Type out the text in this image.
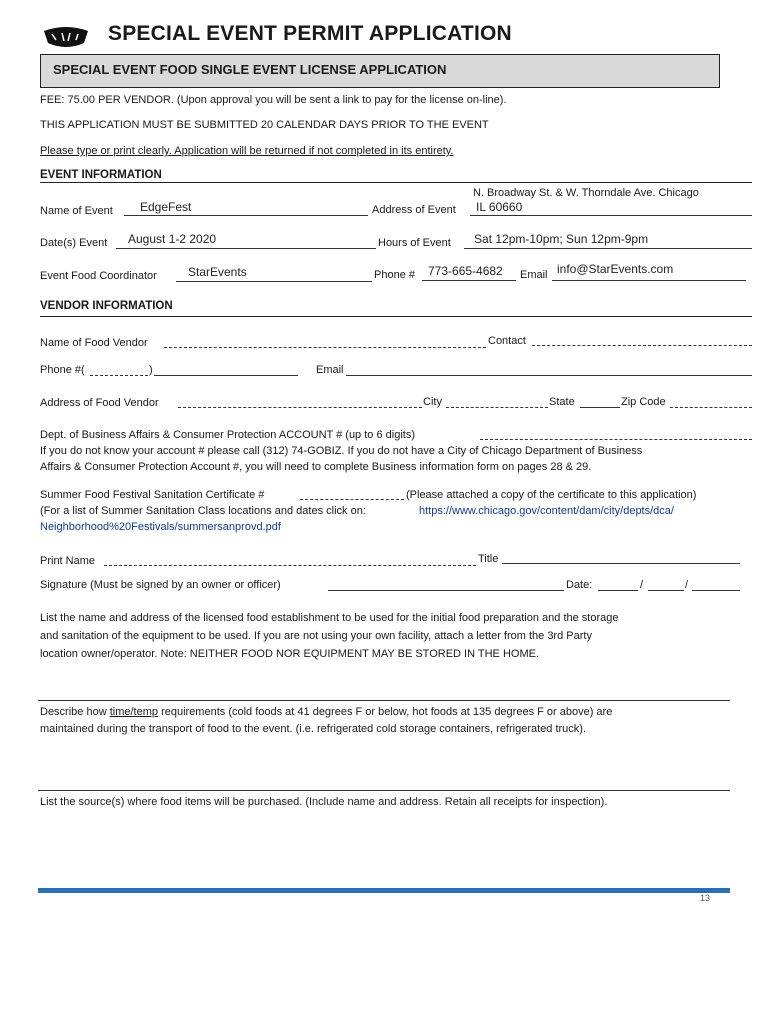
SPECIAL EVENT PERMIT APPLICATION
SPECIAL EVENT FOOD SINGLE EVENT LICENSE APPLICATION
FEE: 75.00 PER VENDOR. (Upon approval you will be sent a link to pay for the license on-line).
THIS APPLICATION MUST BE SUBMITTED 20 CALENDAR DAYS PRIOR TO THE EVENT
Please type or print clearly. Application will be returned if not completed in its entirety.
EVENT INFORMATION
Name of Event EdgeFest
N. Broadway St. & W. Thorndale Ave. Chicago
Address of Event IL 60660
Date(s) Event August 1-2 2020	Hours of Event Sat 12pm-10pm; Sun 12pm-9pm
Event Food Coordinator	StarEvents	Phone # 773-665-4682 Email info@StarEvents.com
VENDOR INFORMATION
Name of Food Vendor	Contact
Phone #(	)	Email
Address of Food Vendor	City	State	Zip Code
Dept. of Business Affairs & Consumer Protection ACCOUNT # (up to 6 digits)
If you do not know your account # please call (312) 74-GOBIZ. If you do not have a City of Chicago Department of Business
Affairs & Consumer Protection Account #, you will need to complete Business information form on pages 28 & 29.
Summer Food Festival Sanitation Certificate #	(Please attached a copy of the certificate to this application)
(For a list of Summer Sanitation Class locations and dates click on:	https://www.chicago.gov/content/dam/city/depts/dca/
Neighborhood%20Festivals/summersanprovd.pdf
Print Name	Title
Signature (Must be signed by an owner or officer)	Date:	/	/
List the name and address of the licensed food establishment to be used for the initial food preparation and the storage
and sanitation of the equipment to be used. If you are not using your own facility, attach a letter from the 3rd Party
location owner/operator. Note: NEITHER FOOD NOR EQUIPMENT MAY BE STORED IN THE HOME.
Describe how time/temp requirements (cold foods at 41 degrees F or below, hot foods at 135 degrees F or above) are
maintained during the transport of food to the event. (i.e. refrigerated cold storage containers, refrigerated truck).
List the source(s) where food items will be purchased. (Include name and address. Retain all receipts for inspection).
13
